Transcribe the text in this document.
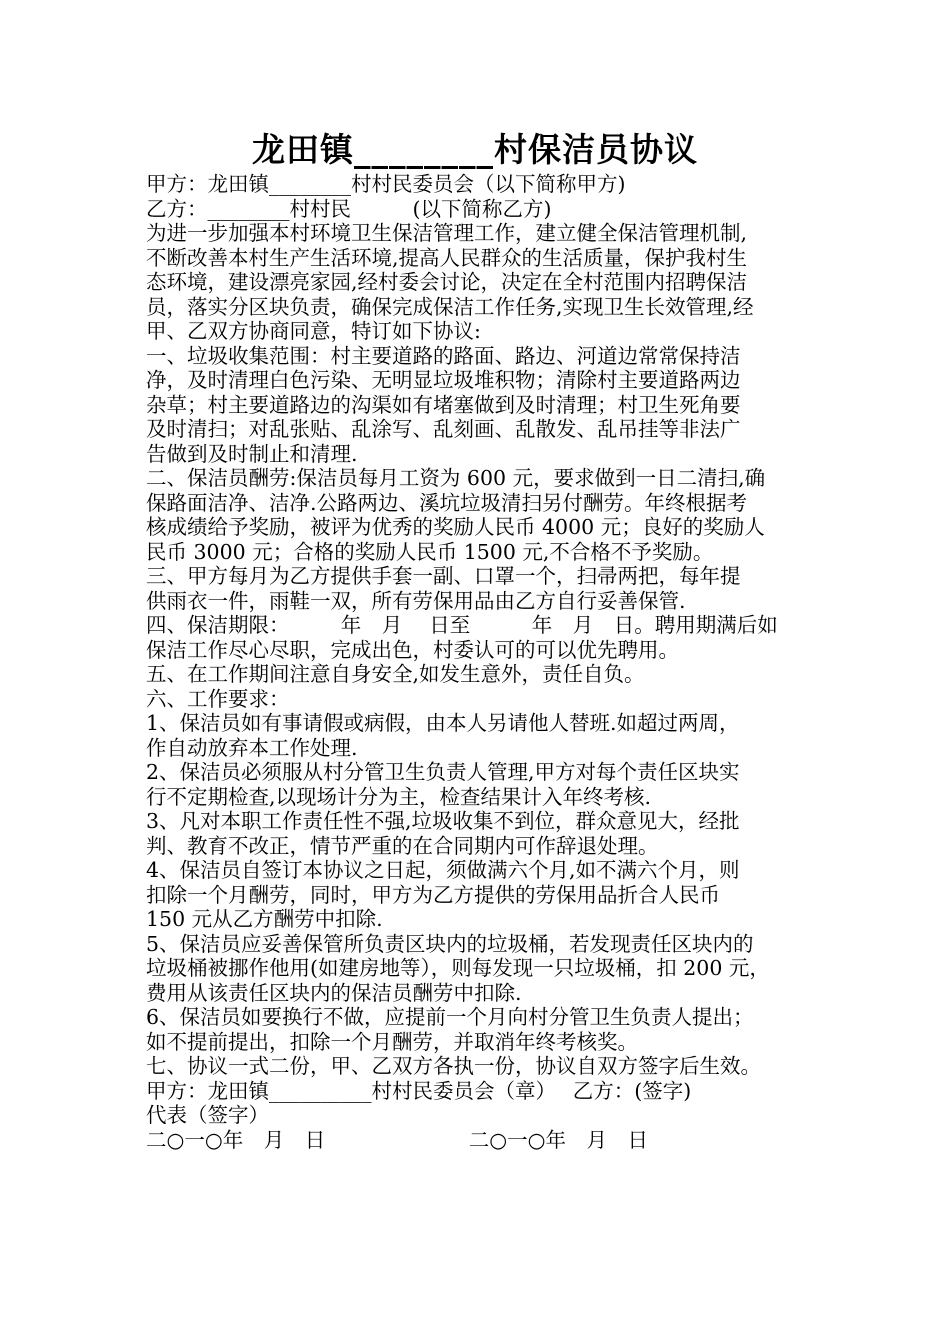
龙田镇________村保洁员协议

甲方：龙田镇________村村民委员会（以下简称甲方)

乙方：________村村民　　　(以下简称乙方)

为进一步加强本村环境卫生保洁管理工作，建立健全保洁管理机制,

不断改善本村生产生活环境,提高人民群众的生活质量，保护我村生

态环境，建设漂亮家园,经村委会讨论，决定在全村范围内招聘保洁

员，落实分区块负责，确保完成保洁工作任务,实现卫生长效管理,经

甲、乙双方协商同意，特订如下协议:

一、垃圾收集范围：村主要道路的路面、路边、河道边常常保持洁

净，及时清理白色污染、无明显垃圾堆积物；清除村主要道路两边

杂草；村主要道路边的沟渠如有堵塞做到及时清理；村卫生死角要

及时清扫；对乱张贴、乱涂写、乱刻画、乱散发、乱吊挂等非法广

告做到及时制止和清理.

二、保洁员酬劳:保洁员每月工资为 600 元，要求做到一日二清扫,确

保路面洁净、洁净.公路两边、溪坑垃圾清扫另付酬劳。年终根据考

核成绩给予奖励，被评为优秀的奖励人民币 4000 元；良好的奖励人

民币 3000 元；合格的奖励人民币 1500 元,不合格不予奖励。

三、甲方每月为乙方提供手套一副、口罩一个，扫帚两把，每年提

供雨衣一件，雨鞋一双，所有劳保用品由乙方自行妥善保管.

四、保洁期限：　　　年　月　 日至　　　年　月　日。聘用期满后如

保洁工作尽心尽职，完成出色，村委认可的可以优先聘用。

五、在工作期间注意自身安全,如发生意外，责任自负。

六、工作要求：

1、保洁员如有事请假或病假，由本人另请他人替班.如超过两周，

作自动放弃本工作处理.

2、保洁员必须服从村分管卫生负责人管理,甲方对每个责任区块实

行不定期检查,以现场计分为主，检查结果计入年终考核.

3、凡对本职工作责任性不强,垃圾收集不到位，群众意见大，经批

判、教育不改正，情节严重的在合同期内可作辞退处理。

4、保洁员自签订本协议之日起，须做满六个月,如不满六个月，则

扣除一个月酬劳，同时，甲方为乙方提供的劳保用品折合人民币

150 元从乙方酬劳中扣除.

5、保洁员应妥善保管所负责区块内的垃圾桶，若发现责任区块内的

垃圾桶被挪作他用(如建房地等），则每发现一只垃圾桶，扣 200 元，

费用从该责任区块内的保洁员酬劳中扣除.

6、保洁员如要换行不做，应提前一个月向村分管卫生负责人提出；

如不提前提出，扣除一个月酬劳，并取消年终考核奖。

七、协议一式二份，甲、乙双方各执一份，协议自双方签字后生效。

甲方：龙田镇__________村村民委员会（章）　 乙方：(签字)

代表（签字）

二○一○年　月　日　　　　　　　二○一○年　月　日
